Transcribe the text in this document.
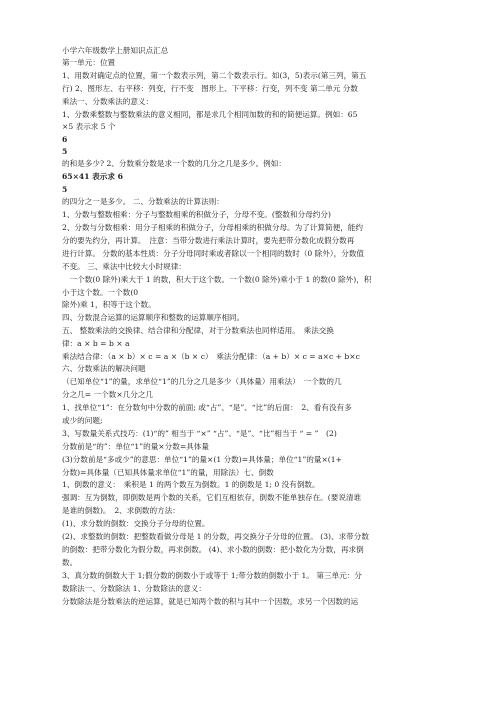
小学六年级数学上册知识点汇总
第一单元：位置
1、用数对确定点的位置，第一个数表示列，第二个数表示行。如(3，5)表示(第三列，第五
行) 2、图形左、右平移：列变，行不变　图形上、下平移：行变，列不变 第二单元 分数
乘法一、分数乘法的意义：
1、分数乘整数与整数乘法的意义相同，都是求几个相同加数的和的简便运算。例如：65
×5 表示求 5 个
6
5
的和是多少? 2、分数乘分数是求一个数的几分之几是多少。例如：
65×41 表示求 6
5
的四分之一是多少。 二、分数乘法的计算法则：
1、分数与整数相乘：分子与整数相乘的积做分子，分母不变。(整数和分母约分)
2、分数与分数相乘：用分子相乘的积做分子，分母相乘的积做分母。为了计算简便，能约
分的要先约分，再计算。　注意：当带分数进行乘法计算时，要先把带分数化成假分数再
进行计算。 分数的基本性质：分子分母同时乘或者除以一个相同的数时（0 除外），分数值
不变。 三、乘法中比较大小时规律：
　一个数(0 除外)乘大于 1 的数，积大于这个数。一个数(0 除外)乘小于 1 的数(0 除外)，积
小于这个数。一个数(0
除外)乘 1，积等于这个数。
四、分数混合运算的运算顺序和整数的运算顺序相同。
五、 整数乘法的交换律、结合律和分配律，对于分数乘法也同样适用。　乘法交换
律：a × b = b × a
乘法结合律：（a × b）× c = a ×（b × c）　乘法分配律：（a + b）× c = a×c + b×c
六、分数乘法的解决问题
（已知单位“1”的量，求单位“1”的几分之几是多少（具体量）用乘法）　一个数的几
分之几= 一个数×几分之几
1、找单位“1”：在分数句中分数的前面; 或“占”、“是”、“比”的后面：　2、看有没有多
或少的问题;
3、写数量关系式技巧：(1)“的” 相当于 “×” “占”、“是”、“比”相当于 “ = ”　(2)
分数前是“的”：单位“1”的量×分数=具体量
(3)分数前是“多或少”的意思：单位“1”的量×(1 分数)=具体量；单位“1”的量×(1+
分数)=具体量（已知具体量求单位“1”的量，用除法）七、倒数
1、倒数的意义：　乘积是 1 的两个数互为倒数。1 的倒数是 1; 0 没有倒数。
强调：互为倒数，即倒数是两个数的关系，它们互相依存，倒数不能单独存在。(要说清谁
是谁的倒数)。　2、求倒数的方法：
(1)、求分数的倒数：交换分子分母的位置。
(2)、求整数的倒数：把整数看做分母是 1 的分数，再交换分子分母的位置。 (3)、求带分数
的倒数：把带分数化为假分数，再求倒数。 (4)、求小数的倒数：把小数化为分数，再求倒
数。
3、真分数的倒数大于 1;假分数的倒数小于或等于 1;带分数的倒数小于 1。 第三单元：分
数除法一、分数除法 1、分数除法的意义：
分数除法是分数乘法的逆运算，就是已知两个数的积与其中一个因数，求另一个因数的运
